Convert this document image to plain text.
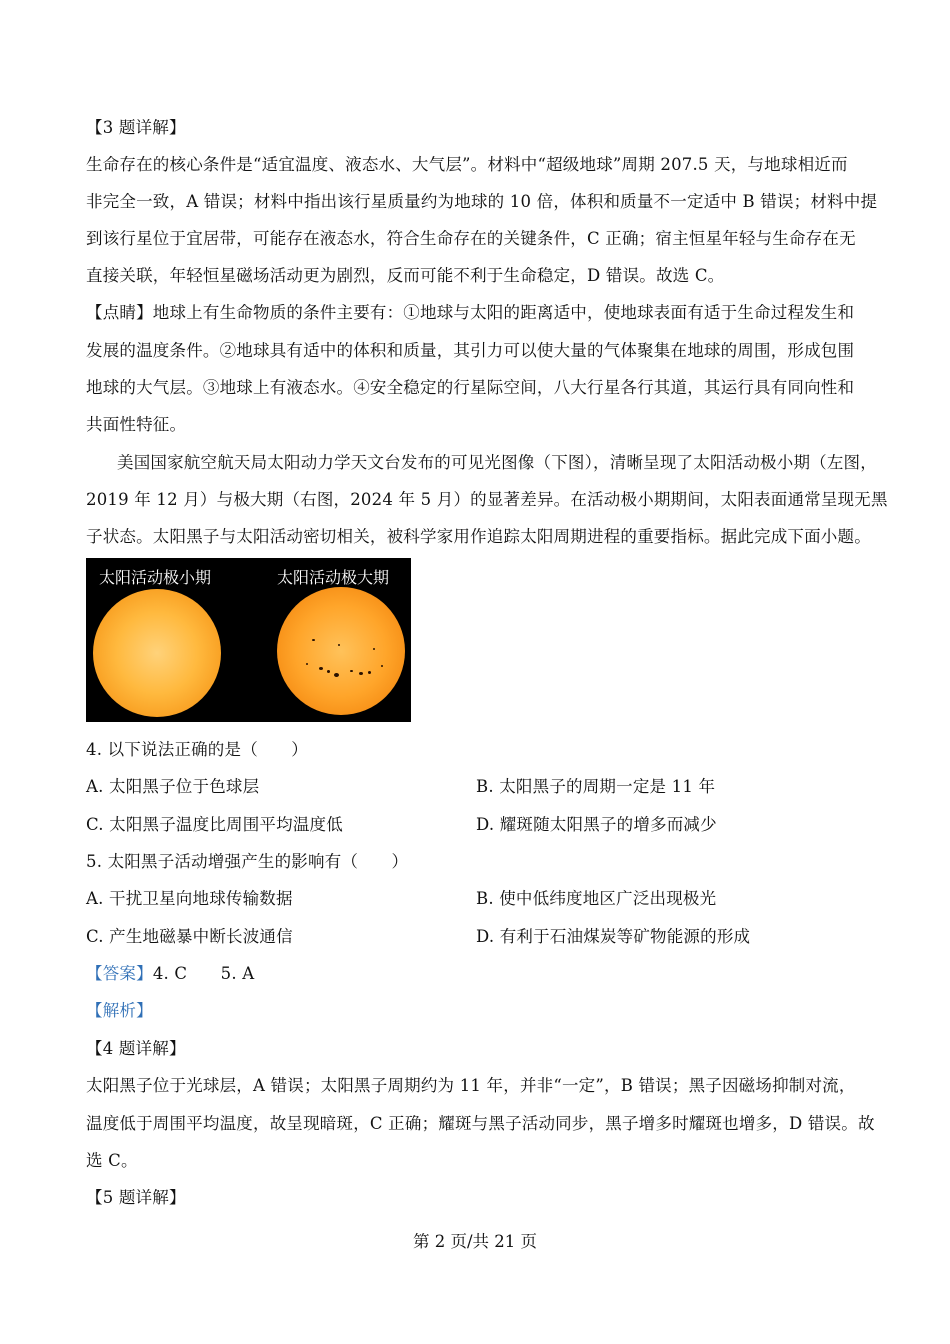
【3 题详解】
生命存在的核心条件是“适宜温度、液态水、大气层”。材料中“超级地球”周期 207.5 天，与地球相近而
非完全一致，A 错误；材料中指出该行星质量约为地球的 10 倍，体积和质量不一定适中 B 错误；材料中提
到该行星位于宜居带，可能存在液态水，符合生命存在的关键条件，C 正确；宿主恒星年轻与生命存在无
直接关联，年轻恒星磁场活动更为剧烈，反而可能不利于生命稳定，D 错误。故选 C。
【点睛】地球上有生命物质的条件主要有：①地球与太阳的距离适中，使地球表面有适于生命过程发生和
发展的温度条件。②地球具有适中的体积和质量，其引力可以使大量的气体聚集在地球的周围，形成包围
地球的大气层。③地球上有液态水。④安全稳定的行星际空间，八大行星各行其道，其运行具有同向性和
共面性特征。
美国国家航空航天局太阳动力学天文台发布的可见光图像（下图），清晰呈现了太阳活动极小期（左图，
2019 年 12 月）与极大期（右图，2024 年 5 月）的显著差异。在活动极小期期间，太阳表面通常呈现无黑
子状态。太阳黑子与太阳活动密切相关，被科学家用作追踪太阳周期进程的重要指标。据此完成下面小题。
太阳活动极小期	太阳活动极大期
4. 以下说法正确的是（　　）
A. 太阳黑子位于色球层	B. 太阳黑子的周期一定是 11 年
C. 太阳黑子温度比周围平均温度低	D. 耀斑随太阳黑子的增多而减少
5. 太阳黑子活动增强产生的影响有（　　）
A. 干扰卫星向地球传输数据	B. 使中低纬度地区广泛出现极光
C. 产生地磁暴中断长波通信	D. 有利于石油煤炭等矿物能源的形成
【答案】4. C　　5. A
【解析】
【4 题详解】
太阳黑子位于光球层，A 错误；太阳黑子周期约为 11 年，并非“一定”，B 错误；黑子因磁场抑制对流，
温度低于周围平均温度，故呈现暗斑，C 正确；耀斑与黑子活动同步，黑子增多时耀斑也增多，D 错误。故
选 C。
【5 题详解】
第 2 页/共 21 页
